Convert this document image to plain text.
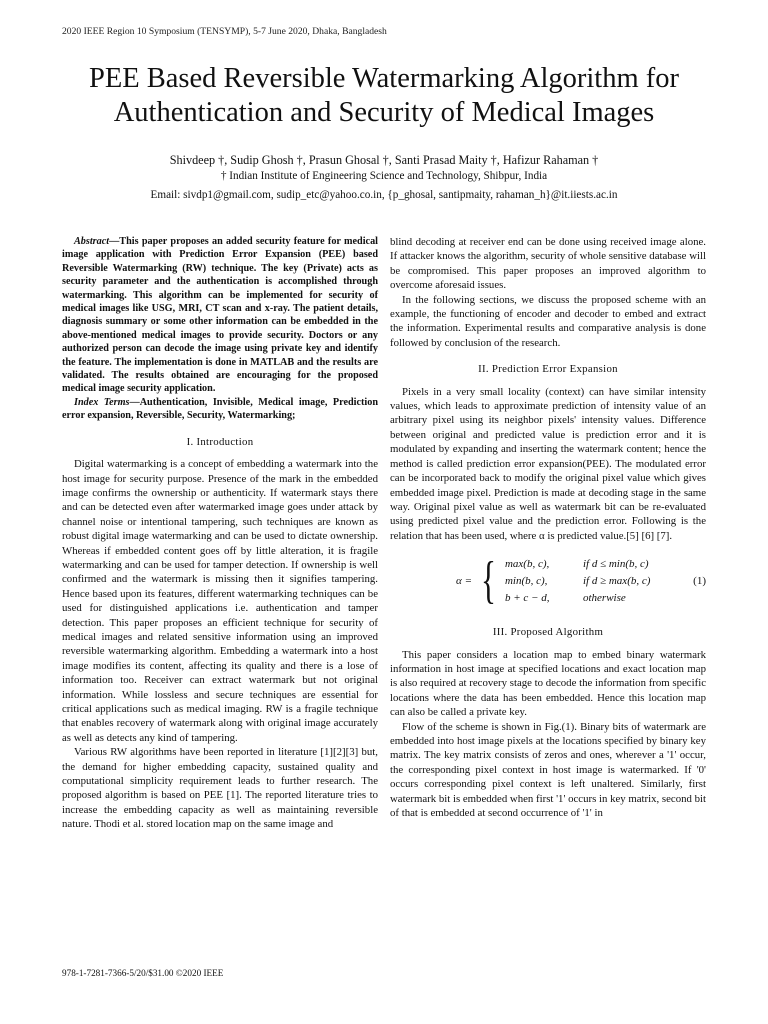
2020 IEEE Region 10 Symposium (TENSYMP), 5-7 June 2020, Dhaka, Bangladesh
PEE Based Reversible Watermarking Algorithm for
Authentication and Security of Medical Images
Shivdeep †, Sudip Ghosh †, Prasun Ghosal †, Santi Prasad Maity †, Hafizur Rahaman †
† Indian Institute of Engineering Science and Technology, Shibpur, India
Email: sivdp1@gmail.com, sudip_etc@yahoo.co.in, {p_ghosal, santipmaity, rahaman_h}@it.iiests.ac.in

Abstract—This paper proposes an added security feature for medical image application with Prediction Error Expansion (PEE) based Reversible Watermarking (RW) technique. The key (Private) acts as security parameter and the authentication is accomplished through watermarking. This algorithm can be implemented for security of medical images like USG, MRI, CT scan and x-ray. The patient details, diagnosis summary or some other information can be embedded in the above-mentioned medical images to provide security. Doctors or any authorized person can decode the image using private key and identify the feature. The implementation is done in MATLAB and the results are validated. The results obtained are encouraging for the proposed medical image security application.

Index Terms—Authentication, Invisible, Medical image, Prediction error expansion, Reversible, Security, Watermarking;

I. Introduction

Digital watermarking is a concept of embedding a watermark into the host image for security purpose. Presence of the mark in the embedded image confirms the ownership or authenticity. If watermark stays there and can be detected even after watermarked image goes under attack by channel noise or intentional tampering, such techniques are known as robust digital image watermarking and can be used to dictate ownership. Whereas if embedded content goes off by little alteration, it is fragile watermarking and can be used for tamper detection. If ownership is well confirmed and the watermark is missing then it signifies tampering. Hence based upon its features, different watermarking techniques can be used for distinguished applications i.e. authentication and tamper detection. This paper proposes an efficient technique for security of medical images and related sensitive information using an improved reversible watermarking algorithm. Embedding a watermark into a host image modifies its content, affecting its quality and there is a lose of information too. Receiver can extract watermark but not original information. While lossless and secure techniques are essential for critical applications such as medical imaging. RW is a fragile technique that enables recovery of watermark along with original image accurately as well as detects any kind of tampering.

Various RW algorithms have been reported in literature [1][2][3] but, the demand for higher embedding capacity, sustained quality and computational simplicity requirement leads to further research. The proposed algorithm is based on PEE [1]. The reported literature tries to increase the embedding capacity as well as maintaining reversible nature. Thodi et al. stored location map on the same image and

blind decoding at receiver end can be done using received image alone. If attacker knows the algorithm, security of whole sensitive database will be compromised. This paper proposes an improved algorithm to overcome aforesaid issues.

In the following sections, we discuss the proposed scheme with an example, the functioning of encoder and decoder to embed and extract the information. Experimental results and comparative analysis is done followed by conclusion of the research.

II. Prediction Error Expansion

Pixels in a very small locality (context) can have similar intensity values, which leads to approximate prediction of intensity value of an arbitrary pixel using its neighbor pixels' intensity values. Difference between original and predicted value is prediction error and it is modulated by expanding and inserting the watermark content; hence the method is called prediction error expansion(PEE). The modulated error can be incorporated back to modify the original pixel value which gives embedded image pixel. Prediction is made at decoding stage in the same way. Original pixel value as well as watermark bit can be re-evaluated using predicted pixel value and the prediction error. Following is the relation that has been used, where α is predicted value.[5] [6] [7].

α = { max(b, c),	if d ≤ min(b, c)
min(b, c),	if d ≥ max(b, c)
b + c − d,	otherwise
(1)
III. Proposed Algorithm

This paper considers a location map to embed binary watermark information in host image at specified locations and exact location map is also required at recovery stage to decode the information from specific locations where the data has been embedded. Hence this location map can also be called a private key.

Flow of the scheme is shown in Fig.(1). Binary bits of watermark are embedded into host image pixels at the locations specified by binary key matrix. The key matrix consists of zeros and ones, wherever a '1' occur, the corresponding pixel context in host image is watermarked. If '0' occurs corresponding pixel context is left unaltered. Similarly, first watermark bit is embedded when first '1' occurs in key matrix, second bit of that is embedded at second occurrence of '1' in

978-1-7281-7366-5/20/$31.00 ©2020 IEEE
